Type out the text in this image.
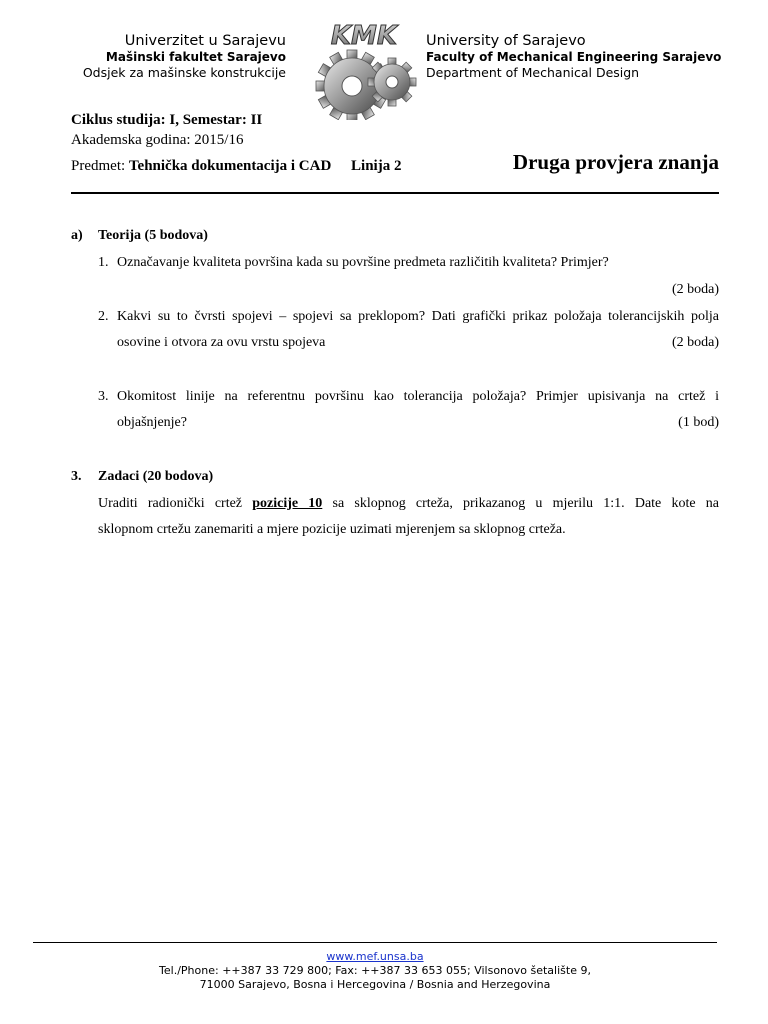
Univerzitet u Sarajevu
Mašinski fakultet Sarajevo
Odsjek za mašinske konstrukcije
KMK University of Sarajevo
Faculty of Mechanical Engineering Sarajevo
Department of Mechanical Design
Ciklus studija: I, Semestar: II
Akademska godina: 2015/16
Predmet: Tehnička dokumentacija i CAD Linija 2	Druga provjera znanja
a) Teorija (5 bodova)
1. Označavanje kvaliteta površina kada su površine predmeta različitih kvaliteta? Primjer?
(2 boda)
2. Kakvi su to čvrsti spojevi – spojevi sa preklopom? Dati grafički prikaz položaja tolerancijskih polja
osovine i otvora za ovu vrstu spojeva	(2 boda)
3. Okomitost linije na referentnu površinu kao tolerancija položaja? Primjer upisivanja na crtež i
objašnjenje?	(1 bod)
3. Zadaci (20 bodova)
Uraditi radionički crtež pozicije 10 sa sklopnog crteža, prikazanog u mjerilu 1:1. Date kote na
sklopnom crtežu zanemariti a mjere pozicije uzimati mjerenjem sa sklopnog crteža.
www.mef.unsa.ba
Tel./Phone: ++387 33 729 800; Fax: ++387 33 653 055; Vilsonovo šetalište 9,
71000 Sarajevo, Bosna i Hercegovina / Bosnia and Herzegovina
